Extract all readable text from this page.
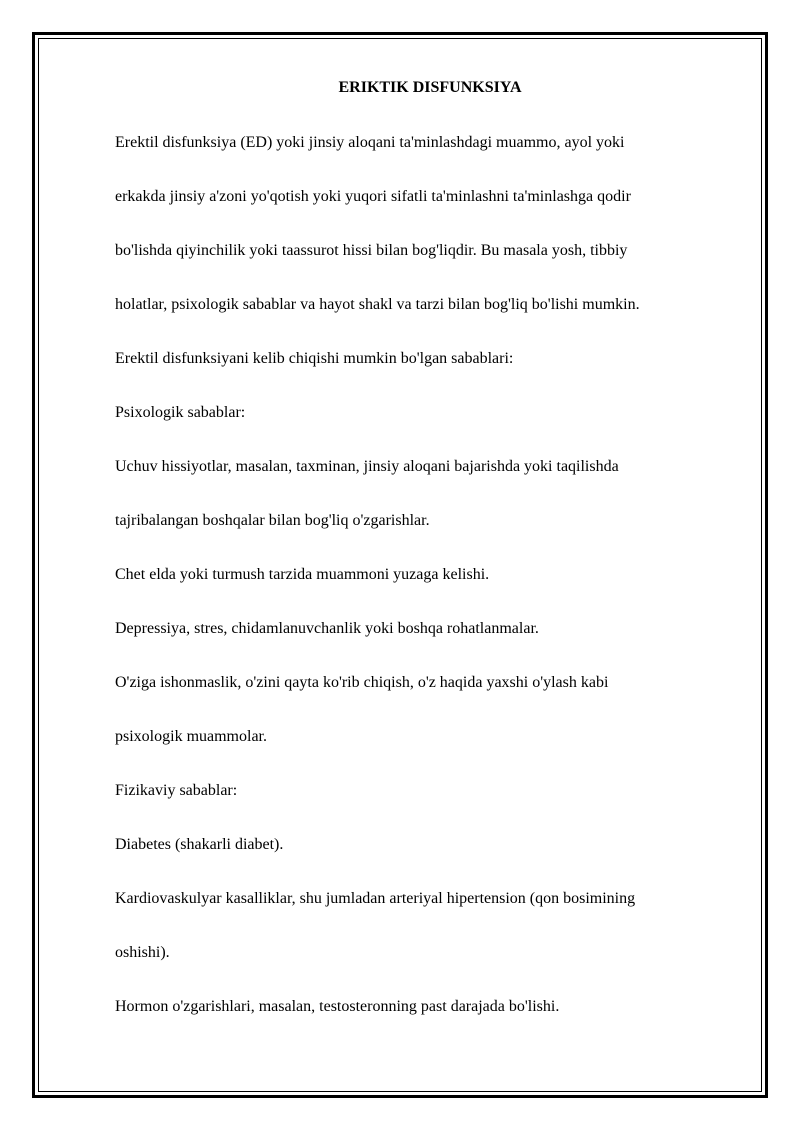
ERIKTIK DISFUNKSIYA

Erektil disfunksiya (ED) yoki jinsiy aloqani ta'minlashdagi muammo, ayol yoki

erkakda jinsiy a'zoni yo'qotish yoki yuqori sifatli ta'minlashni ta'minlashga qodir

bo'lishda qiyinchilik yoki taassurot hissi bilan bog'liqdir. Bu masala yosh, tibbiy

holatlar, psixologik sabablar va hayot shakl va tarzi bilan bog'liq bo'lishi mumkin.

Erektil disfunksiyani kelib chiqishi mumkin bo'lgan sabablari:

Psixologik sabablar:

Uchuv hissiyotlar, masalan, taxminan, jinsiy aloqani bajarishda yoki taqilishda

tajribalangan boshqalar bilan bog'liq o'zgarishlar.

Chet elda yoki turmush tarzida muammoni yuzaga kelishi.

Depressiya, stres, chidamlanuvchanlik yoki boshqa rohatlanmalar.

O'ziga ishonmaslik, o'zini qayta ko'rib chiqish, o'z haqida yaxshi o'ylash kabi

psixologik muammolar.

Fizikaviy sabablar:

Diabetes (shakarli diabet).

Kardiovaskulyar kasalliklar, shu jumladan arteriyal hipertension (qon bosimining

oshishi).

Hormon o'zgarishlari, masalan, testosteronning past darajada bo'lishi.
